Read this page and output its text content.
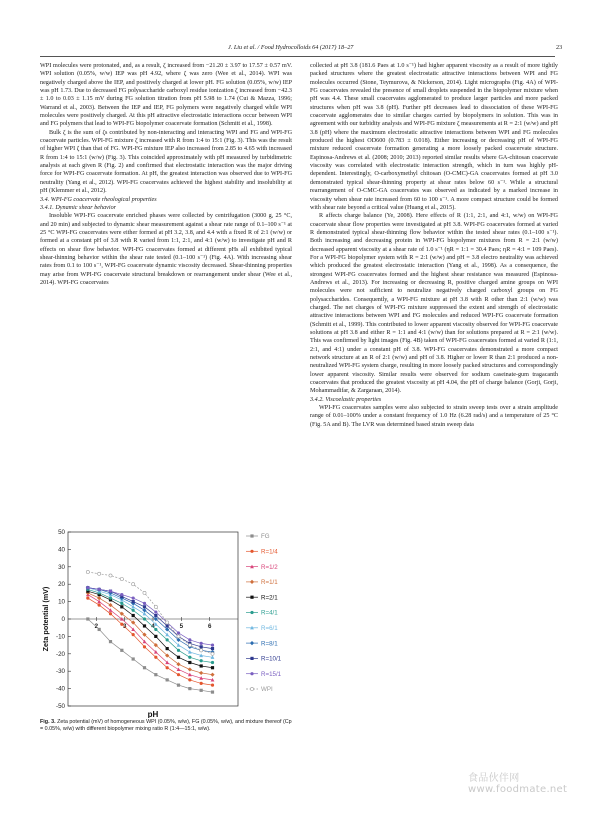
J. Liu et al. / Food Hydrocolloids 64 (2017) 18–27	23

WPI molecules were protonated, and, as a result, ζ increased from −21.20 ± 3.97 to 17.57 ± 0.57 mV. WPI solution (0.05%, w/w) IEP was pH 4.92, where ζ was zero (Wee et al., 2014). WPI was negatively charged above the IEP, and positively charged at lower pH. FG solution (0.05%, w/w) IEP was pH 1.73. Due to decreased FG polysaccharide carboxyl residue ionization ζ increased from −42.3 ± 1.0 to 0.03 ± 1.15 mV during FG solution titration from pH 5.98 to 1.74 (Cui & Mazza, 1996; Warrand et al., 2003). Between the IEP and IEP, FG polymers were negatively charged while WPI molecules were positively charged. At this pH attractive electrostatic interactions occur between WPI and FG polymers that lead to WPI-FG biopolymer coacervate formation (Schmitt et al., 1998).

Bulk ζ is the sum of ζs contributed by non-interacting and interacting WPI and FG and WPI-FG coacervate particles. WPI-FG mixture ζ increased with R from 1:4 to 15:1 (Fig. 3). This was the result of higher WPI ζ than that of FG. WPI-FG mixture IEP also increased from 2.85 to 4.65 with increased R from 1:4 to 15:1 (w/w) (Fig. 3). This coincided approximately with pH measured by turbidimetric analysis at each given R (Fig. 2) and confirmed that electrostatic interaction was the major driving force for WPI-FG coacervate formation. At pH, the greatest interaction was observed due to WPI-FG neutrality (Yang et al., 2012). WPI-FG coacervates achieved the highest stability and insolubility at pH (Klemmer et al., 2012).

3.4. WPI-FG coacervate rheological properties

3.4.1. Dynamic shear behavior

Insoluble WPI-FG coacervate enriched phases were collected by centrifugation (3000 g, 25 °C, and 20 min) and subjected to dynamic shear measurement against a shear rate range of 0.1–100 s⁻¹ at 25 °C WPI-FG coacervates were either formed at pH 3.2, 3.8, and 4.4 with a fixed R of 2:1 (w/w) or formed at a constant pH of 3.8 with R varied from 1:1, 2:1, and 4:1 (w/w) to investigate pH and R effects on shear flow behavior. WPI-FG coacervates formed at different pHs all exhibited typical shear-thinning behavior within the shear rate tested (0.1–100 s⁻¹) (Fig. 4A). With increasing shear rates from 0.1 to 100 s⁻¹, WPI-FG coacervate dynamic viscosity decreased. Shear-thinning properties may arise from WPI-FG coacervate structural breakdown or rearrangement under shear (Wee et al., 2014). WPI-FG coacervates

-50
-40
-30
-20
-10
0
10
20
30
40
50
2	3	4	5	6
Zeta potential (mV)
pH
FG
R=1/4
R=1/2
R=1/1
R=2/1
R=4/1
R=6/1
R=8/1
R=10/1
R=15/1
WPI
Fig. 3. Zeta potential (mV) of homogeneous WPI (0.05%, w/w), FG (0.05%, w/w), and mixture thereof (Cp = 0.05%, w/w) with different biopolymer mixing ratio R (1:4—15:1, w/w).

collected at pH 3.8 (181.6 Paes at 1.0 s⁻¹) had higher apparent viscosity as a result of more tightly packed structures where the greatest electrostatic attractive interactions between WPI and FG molecules occurred (Stone, Teymurova, & Nickerson, 2014). Light micrographs (Fig. 4A) of WPI-FG coacervates revealed the presence of small droplets suspended in the biopolymer mixture when pH was 4.4. These small coacervates agglomerated to produce larger particles and more packed structures when pH was 3.8 (pH). Further pH decreases lead to dissociation of these WPI-FG coacervate agglomerates due to similar charges carried by biopolymers in solution. This was in agreement with our turbidity analysis and WPI-FG mixture ζ measurements at R = 2:1 (w/w) and pH 3.8 (pH) where the maximum electrostatic attractive interactions between WPI and FG molecules produced the highest OD600 (0.783 ± 0.018). Either increasing or decreasing pH of WPI-FG mixture reduced coacervate formation generating a more loosely packed coacervate structure. Espinosa-Andrews et al. (2008; 2010; 2013) reported similar results where GA-chitosan coacervate viscosity was correlated with electrostatic interaction strength, which in turn was highly pH-dependent. Interestingly, O-carboxymethyl chitosan (O-CMC)-GA coacervates formed at pH 3.0 demonstrated typical shear-thinning property at shear rates below 60 s⁻¹. While a structural rearrangement of O-CMC-GA coacervates was observed as indicated by a marked increase in viscosity when shear rate increased from 60 to 100 s⁻¹. A more compact structure could be formed with shear rate beyond a critical value (Huang et al., 2015).

R affects charge balance (Ye, 2008). Here effects of R (1:1, 2:1, and 4:1, w/w) on WPI-FG coacervate shear flow properties were investigated at pH 3.8. WPI-FG coacervates formed at varied R demonstrated typical shear-thinning flow behavior within the tested shear rates (0.1–100 s⁻¹). Both increasing and decreasing protein in WPI-FG biopolymer mixtures from R = 2:1 (w/w) decreased apparent viscosity at a shear rate of 1.0 s⁻¹ (ηR = 1:1 = 30.4 Paes; ηR = 4:1 = 109 Paes). For a WPI-FG biopolymer system with R = 2:1 (w/w) and pH = 3.8 electro neutrality was achieved which produced the greatest electrostatic interaction (Yang et al., 1998). As a consequence, the strongest WPI-FG coacervates formed and the highest shear resistance was measured (Espinosa-Andrews et al., 2013). For increasing or decreasing R, positive charged amine groups on WPI molecules were not sufficient to neutralize negatively charged carboxyl groups on FG polysaccharides. Consequently, a WPI-FG mixture at pH 3.8 with R other than 2:1 (w/w) was charged. The net charges of WPI-FG mixture suppressed the extent and strength of electrostatic attractive interactions between WPI and FG molecules and reduced WPI-FG coacervate formation (Schmitt et al., 1999). This contributed to lower apparent viscosity observed for WPI-FG coacervate solutions at pH 3.8 and either R = 1:1 and 4:1 (w/w) than for solutions prepared at R = 2:1 (w/w). This was confirmed by light images (Fig. 4B) taken of WPI-FG coacervates formed at varied R (1:1, 2:1, and 4:1) under a constant pH of 3.8. WPI-FG coacervates demonstrated a more compact network structure at an R of 2:1 (w/w) and pH of 3.8. Higher or lower R than 2:1 produced a non-neutralized WPI-FG system charge, resulting in more loosely packed structures and correspondingly lower apparent viscosity. Similar results were observed for sodium caseinate-gum tragacanth coacervates that produced the greatest viscosity at pH 4.04, the pH of charge balance (Gorji, Gorji, Mohammadifar, & Zargaraan, 2014).

3.4.2. Viscoelastic properties

WPI-FG coacervates samples were also subjected to strain sweep tests over a strain amplitude range of 0.01–100% under a constant frequency of 1.0 Hz (6.28 rad/s) and a temperature of 25 °C (Fig. 5A and B). The LVR was determined based strain sweep data

食品伙伴网 www.foodmate.net
